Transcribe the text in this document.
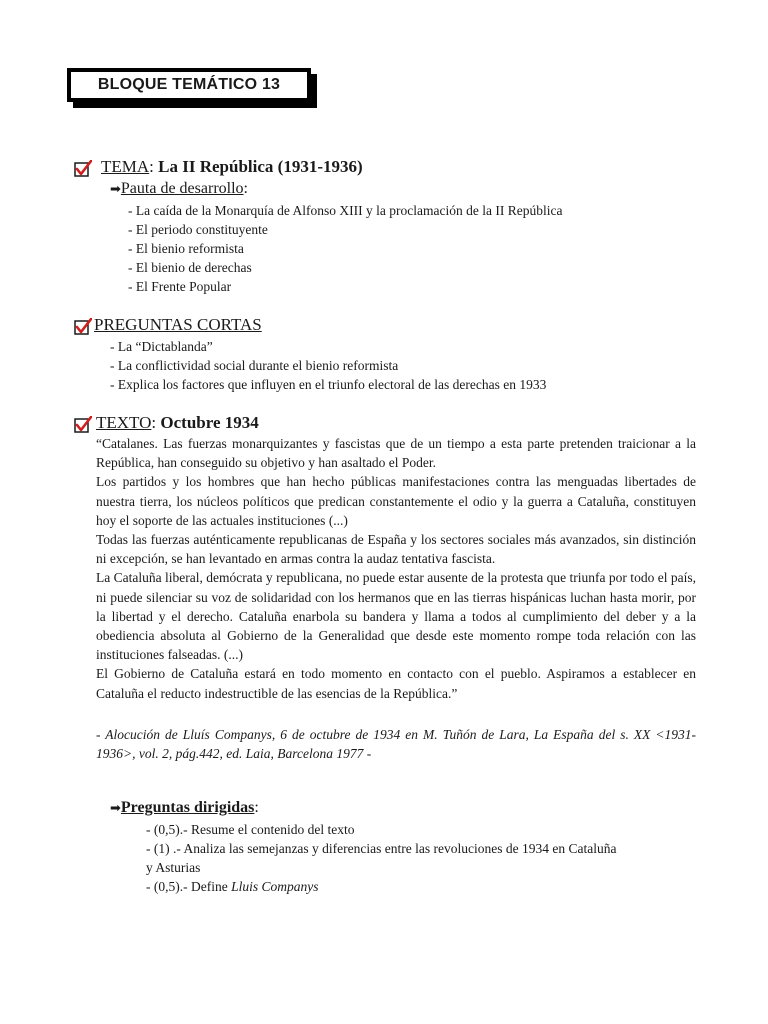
BLOQUE TEMÁTICO 13
TEMA: La II República (1931-1936)
➡Pauta de desarrollo:
- La caída de la Monarquía de Alfonso XIII y la proclamación de la II República
- El periodo constituyente
- El bienio reformista
- El bienio de derechas
- El Frente Popular
PREGUNTAS CORTAS
- La “Dictablanda”
- La conflictividad social durante el bienio reformista
- Explica los factores que influyen en el triunfo electoral de las derechas en 1933
TEXTO: Octubre 1934

“Catalanes. Las fuerzas monarquizantes y fascistas que de un tiempo a esta parte pretenden traicionar a la República, han conseguido su objetivo y han asaltado el Poder.

Los partidos y los hombres que han hecho públicas manifestaciones contra las menguadas libertades de nuestra tierra, los núcleos políticos que predican constantemente el odio y la guerra a Cataluña, constituyen hoy el soporte de las actuales instituciones (...)

Todas las fuerzas auténticamente republicanas de España y los sectores sociales más avanzados, sin distinción ni excepción, se han levantado en armas contra la audaz tentativa fascista.

La Cataluña liberal, demócrata y republicana, no puede estar ausente de la protesta que triunfa por todo el país, ni puede silenciar su voz de solidaridad con los hermanos que en las tierras hispánicas luchan hasta morir, por la libertad y el derecho. Cataluña enarbola su bandera y llama a todos al cumplimiento del deber y a la obediencia absoluta al Gobierno de la Generalidad que desde este momento rompe toda relación con las instituciones falseadas. (...)

El Gobierno de Cataluña estará en todo momento en contacto con el pueblo. Aspiramos a establecer en Cataluña el reducto indestructible de las esencias de la República.”

- Alocución de Lluís Companys, 6 de octubre de 1934 en M. Tuñón de Lara, La España del s. XX <1931-1936>, vol. 2, pág.442, ed. Laia, Barcelona 1977 -
➡Preguntas dirigidas:
- (0,5).- Resume el contenido del texto
- (1) .- Analiza las semejanzas y diferencias entre las revoluciones de 1934 en Cataluña
y Asturias
- (0,5).- Define Lluis Companys
